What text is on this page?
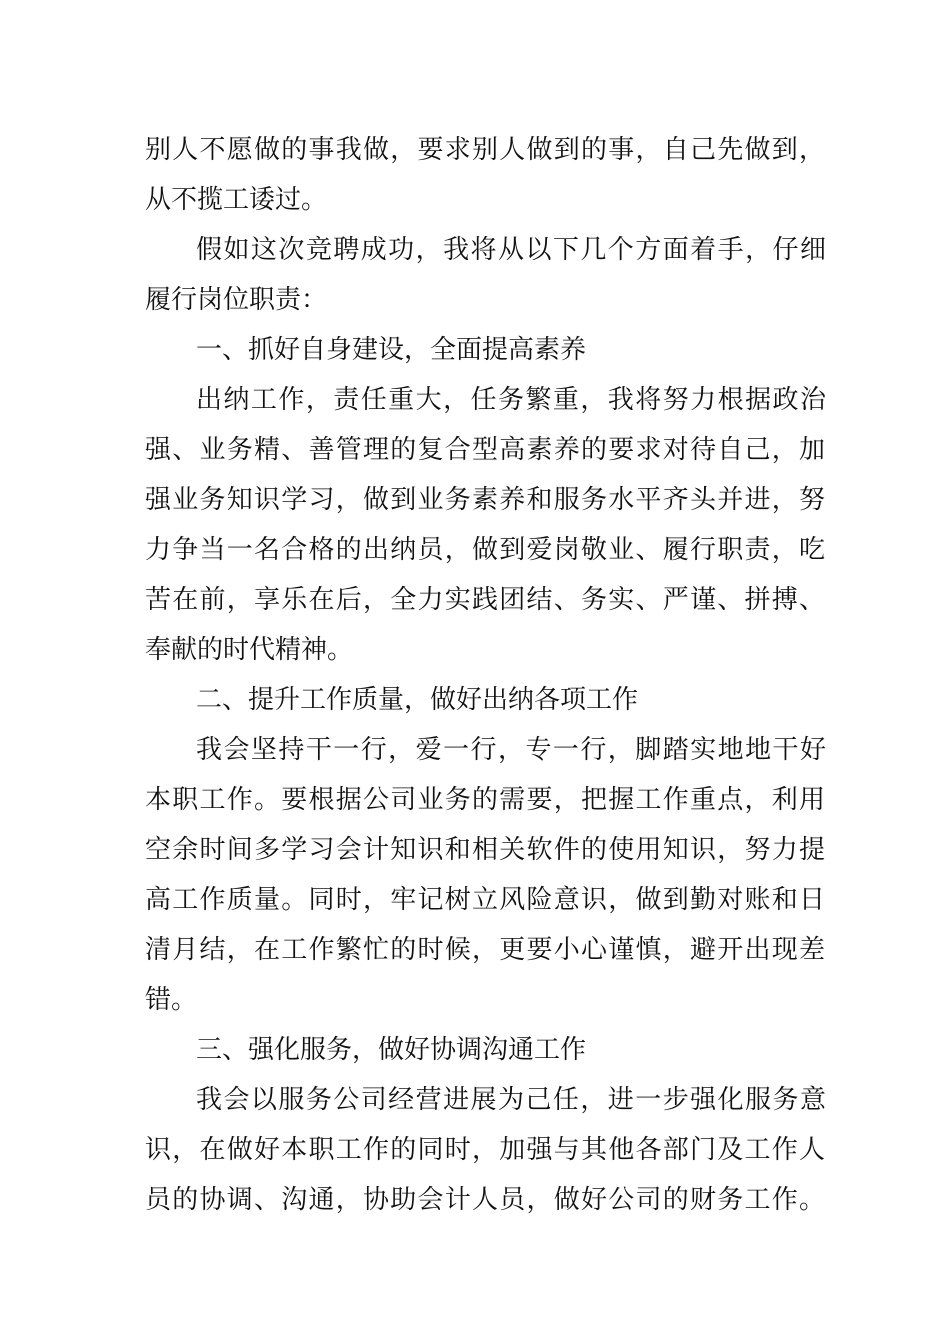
别人不愿做的事我做，要求别人做到的事，自己先做到，

从不揽工诿过。

假如这次竞聘成功，我将从以下几个方面着手，仔细

履行岗位职责：

一、抓好自身建设，全面提高素养

出纳工作，责任重大，任务繁重，我将努力根据政治

强、业务精、善管理的复合型高素养的要求对待自己，加

强业务知识学习，做到业务素养和服务水平齐头并进，努

力争当一名合格的出纳员，做到爱岗敬业、履行职责，吃

苦在前，享乐在后，全力实践团结、务实、严谨、拼搏、

奉献的时代精神。

二、提升工作质量，做好出纳各项工作

我会坚持干一行，爱一行，专一行，脚踏实地地干好

本职工作。要根据公司业务的需要，把握工作重点，利用

空余时间多学习会计知识和相关软件的使用知识，努力提

高工作质量。同时，牢记树立风险意识，做到勤对账和日

清月结，在工作繁忙的时候，更要小心谨慎，避开出现差

错。

三、强化服务，做好协调沟通工作

我会以服务公司经营进展为己任，进一步强化服务意

识，在做好本职工作的同时，加强与其他各部门及工作人

员的协调、沟通，协助会计人员，做好公司的财务工作。
